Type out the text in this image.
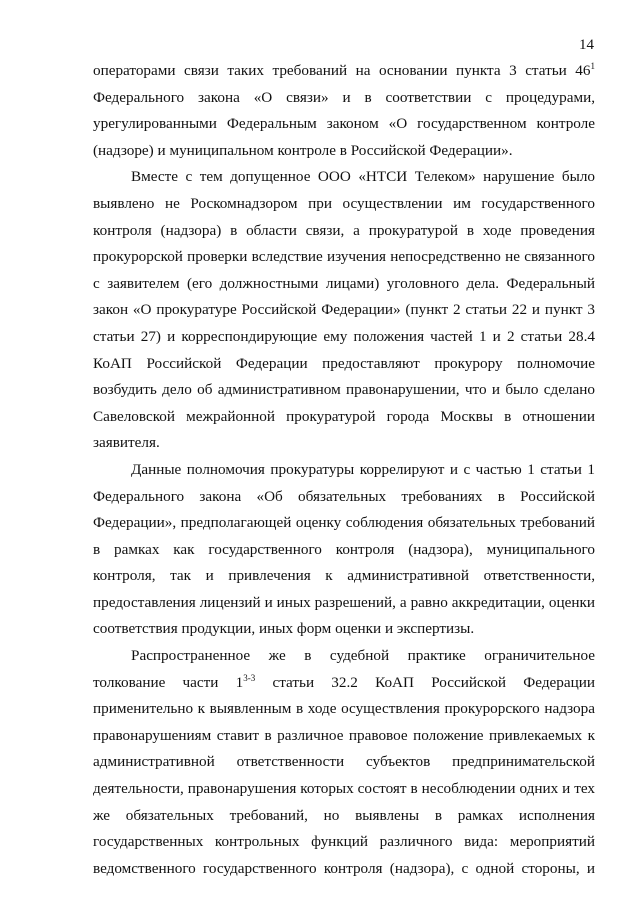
14

операторами связи таких требований на основании пункта 3 статьи $46^1$ Федерального закона «О связи» и в соответствии с процедурами, урегулированными Федеральным законом «О государственном контроле (надзоре) и муниципальном контроле в Российской Федерации».

Вместе с тем допущенное ООО «НТСИ Телеком» нарушение было выявлено не Роскомнадзором при осуществлении им государственного контроля (надзора) в области связи, а прокуратурой в ходе проведения прокурорской проверки вследствие изучения непосредственно не связанного с заявителем (его должностными лицами) уголовного дела. Федеральный закон «О прокуратуре Российской Федерации» (пункт 2 статьи 22 и пункт 3 статьи 27) и корреспондирующие ему положения частей 1 и 2 статьи 28.4 КоАП Российской Федерации предоставляют прокурору полномочие возбудить дело об административном правонарушении, что и было сделано Савеловской межрайонной прокуратурой города Москвы в отношении заявителя.

Данные полномочия прокуратуры коррелируют и с частью 1 статьи 1 Федерального закона «Об обязательных требованиях в Российской Федерации», предполагающей оценку соблюдения обязательных требований в рамках как государственного контроля (надзора), муниципального контроля, так и привлечения к административной ответственности, предоставления лицензий и иных разрешений, а равно аккредитации, оценки соответствия продукции, иных форм оценки и экспертизы.

Распространенное же в судебной практике ограничительное толкование части 1$^{3-3}$ статьи 32.2 КоАП Российской Федерации применительно к выявленным в ходе осуществления прокурорского надзора правонарушениям ставит в различное правовое положение привлекаемых к административной ответственности субъектов предпринимательской деятельности, правонарушения которых состоят в несоблюдении одних и тех же обязательных требований, но выявлены в рамках исполнения государственных контрольных функций различного вида: мероприятий ведомственного государственного контроля (надзора), с одной стороны, и
